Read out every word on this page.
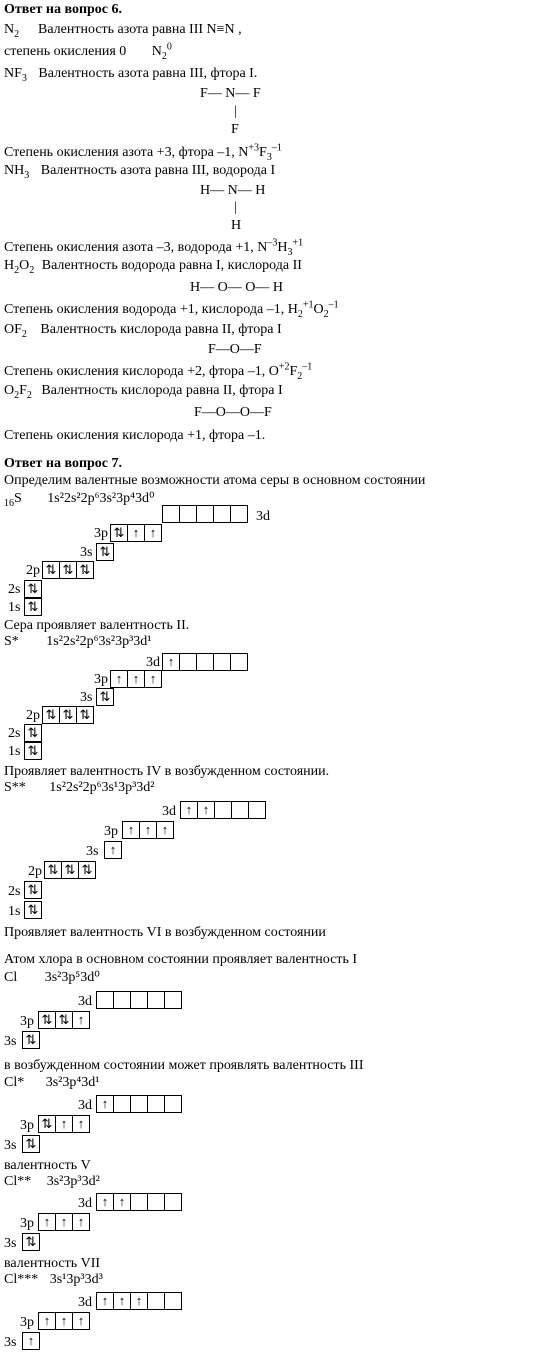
Ответ на вопрос 6.
$N_2$ Валентность азота равна III N≡N ,
степень окисления 0 $N_2^0$
$NF_3$ Валентность азота равна III, фтора I.
F— N— F
|
F
Степень окисления азота +3, фтора –1, $N^{+3}F_3^{-1}$
$NH_3$ Валентность азота равна III, водорода I
H— N— H
|
H
Степень окисления азота –3, водорода +1, $N^{-3}H_3^{+1}$
$H_2O_2$ Валентность водорода равна I, кислорода II
H— O— O— H
Степень окисления водорода +1, кислорода –1, $H_2^{+1}O_2^{-1}$
$OF_2$ Валентность кислорода равна II, фтора I
F—O—F
Степень окисления кислорода +2, фтора –1, $O^{+2}F_2^{-1}$
$O_2F_2$ Валентность кислорода равна II, фтора I
F—O—O—F
Степень окисления кислорода +1, фтора –1.
Ответ на вопрос 7.
Определим валентные возможности атома серы в основном состоянии
$_{16}$S 1s²2s²2p⁶3s²3p⁴3d⁰
3d
3p ⇅ ↑ ↑
3s ⇅
2p ⇅ ⇅ ⇅
2s ⇅
1s ⇅
Сера проявляет валентность II.
S* 1s²2s²2p⁶3s²3p³3d¹
3d ↑
3p ↑ ↑ ↑
3s ⇅
2p ⇅ ⇅ ⇅
2s ⇅
1s ⇅
Проявляет валентность IV в возбужденном состоянии.
S** 1s²2s²2p⁶3s¹3p³3d²
3d ↑ ↑
3p ↑ ↑ ↑
3s ↑
2p ⇅ ⇅ ⇅
2s ⇅
1s ⇅
Проявляет валентность VI в возбужденном состоянии
Атом хлора в основном состоянии проявляет валентность I
Cl 3s²3p⁵3d⁰
3d
3p ⇅ ⇅ ↑
3s ⇅
в возбужденном состоянии может проявлять валентность III
Cl* 3s²3p⁴3d¹
3d ↑
3p ⇅ ↑ ↑
3s ⇅
валентность V
Cl** 3s²3p³3d²
3d ↑ ↑
3p ↑ ↑ ↑
3s ⇅
валентность VII
Cl*** 3s¹3p³3d³
3d ↑ ↑ ↑
3p ↑ ↑ ↑
3s ↑
